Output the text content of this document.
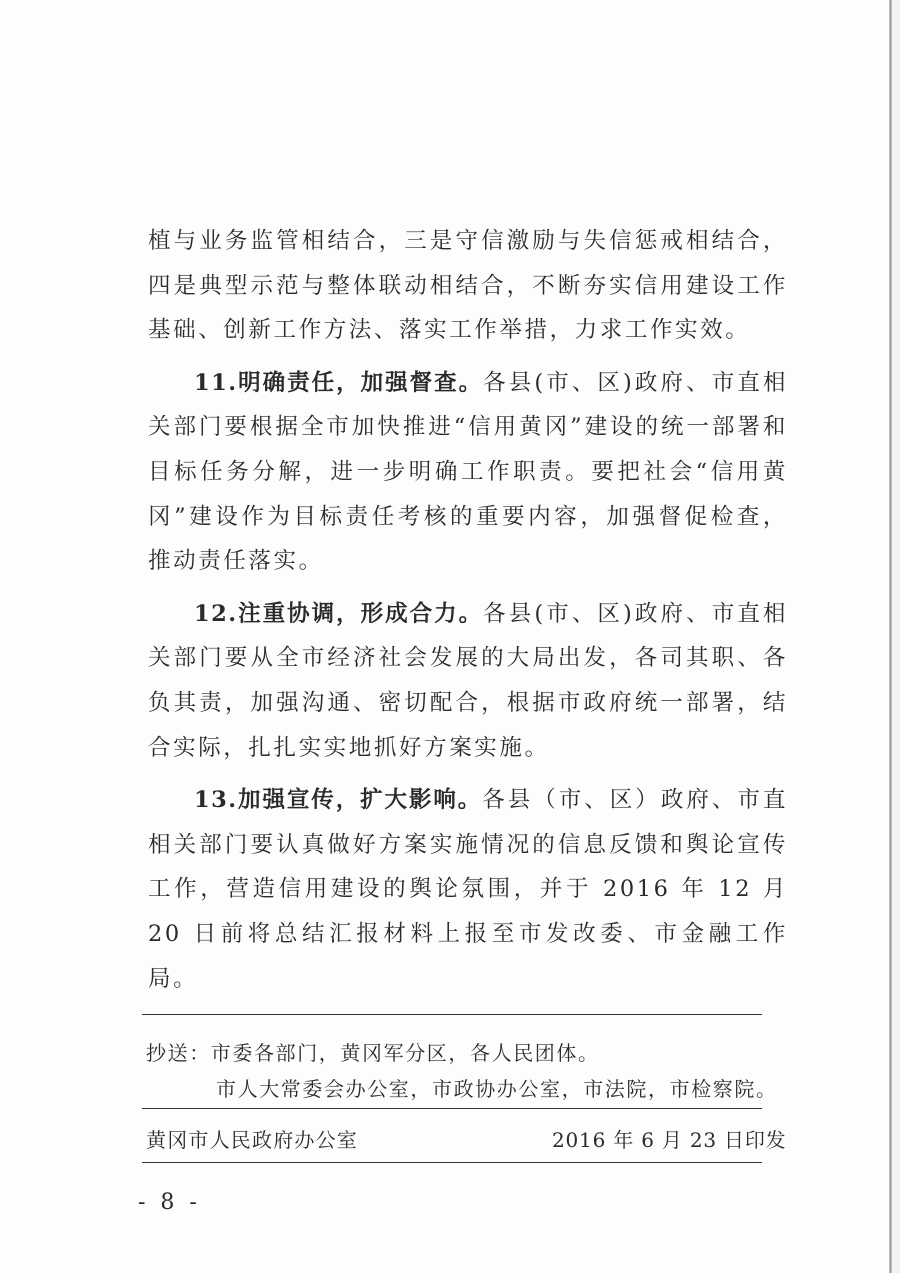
植与业务监管相结合，三是守信激励与失信惩戒相结合，四是典型示范与整体联动相结合，不断夯实信用建设工作基础、创新工作方法、落实工作举措，力求工作实效。

11.明确责任，加强督查。各县(市、区)政府、市直相关部门要根据全市加快推进“信用黄冈”建设的统一部署和目标任务分解，进一步明确工作职责。要把社会“信用黄冈”建设作为目标责任考核的重要内容，加强督促检查，推动责任落实。

12.注重协调，形成合力。各县(市、区)政府、市直相关部门要从全市经济社会发展的大局出发，各司其职、各负其责，加强沟通、密切配合，根据市政府统一部署，结合实际，扎扎实实地抓好方案实施。

13.加强宣传，扩大影响。各县（市、区）政府、市直相关部门要认真做好方案实施情况的信息反馈和舆论宣传工作，营造信用建设的舆论氛围，并于 2016 年 12 月 20 日前将总结汇报材料上报至市发改委、市金融工作局。

抄送：市委各部门，黄冈军分区，各人民团体。
市人大常委会办公室，市政协办公室，市法院，市检察院。
黄冈市人民政府办公室	2016 年 6 月 23 日印发
- 8 -
